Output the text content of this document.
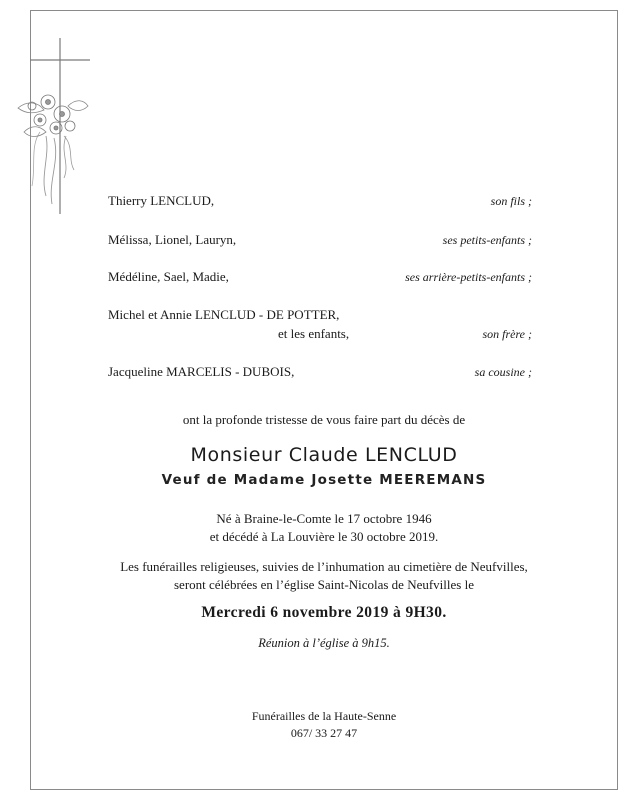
Thierry LENCLUD,	son fils ;
Mélissa, Lionel, Lauryn,	ses petits-enfants ;
Médéline, Sael, Madie,	ses arrière-petits-enfants ;
Michel et Annie LENCLUD - DE POTTER,
et les enfants,	son frère ;
Jacqueline MARCELIS - DUBOIS,	sa cousine ;
ont la profonde tristesse de vous faire part du décès de
Monsieur Claude LENCLUD
Veuf de Madame Josette MEEREMANS
Né à Braine-le-Comte le 17 octobre 1946
et décédé à La Louvière le 30 octobre 2019.
Les funérailles religieuses, suivies de l’inhumation au cimetière de Neufvilles,
seront célébrées en l’église Saint-Nicolas de Neufvilles le
Mercredi 6 novembre 2019 à 9H30.
Réunion à l’église à 9h15.
Funérailles de la Haute-Senne
067/ 33 27 47
